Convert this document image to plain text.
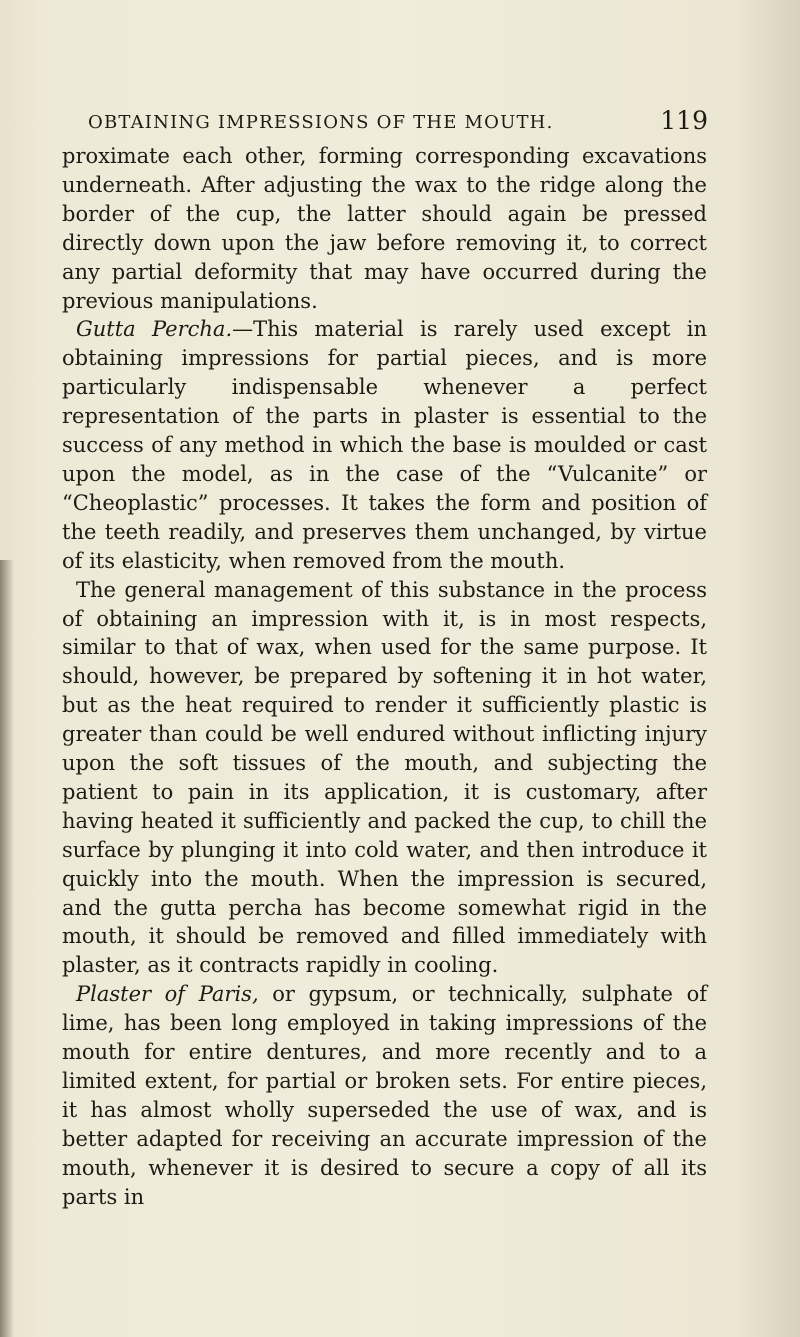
OBTAINING IMPRESSIONS OF THE MOUTH.	119

proximate each other, forming corresponding excavations underneath. After adjusting the wax to the ridge along the border of the cup, the latter should again be pressed directly down upon the jaw before removing it, to correct any partial deformity that may have occurred during the previous manipulations.

Gutta Percha.—This material is rarely used except in obtaining impressions for partial pieces, and is more particularly indispensable whenever a perfect representation of the parts in plaster is essential to the success of any method in which the base is moulded or cast upon the model, as in the case of the “Vulcanite” or “Cheoplastic” processes. It takes the form and position of the teeth readily, and preserves them unchanged, by virtue of its elasticity, when removed from the mouth.

The general management of this substance in the process of obtaining an impression with it, is in most respects, similar to that of wax, when used for the same purpose. It should, however, be prepared by softening it in hot water, but as the heat required to render it sufficiently plastic is greater than could be well endured without inflicting injury upon the soft tissues of the mouth, and subjecting the patient to pain in its application, it is customary, after having heated it sufficiently and packed the cup, to chill the surface by plunging it into cold water, and then introduce it quickly into the mouth. When the impression is secured, and the gutta percha has become somewhat rigid in the mouth, it should be removed and filled immediately with plaster, as it contracts rapidly in cooling.

Plaster of Paris, or gypsum, or technically, sulphate of lime, has been long employed in taking impressions of the mouth for entire dentures, and more recently and to a limited extent, for partial or broken sets. For entire pieces, it has almost wholly superseded the use of wax, and is better adapted for receiving an accurate impression of the mouth, whenever it is desired to secure a copy of all its parts in
